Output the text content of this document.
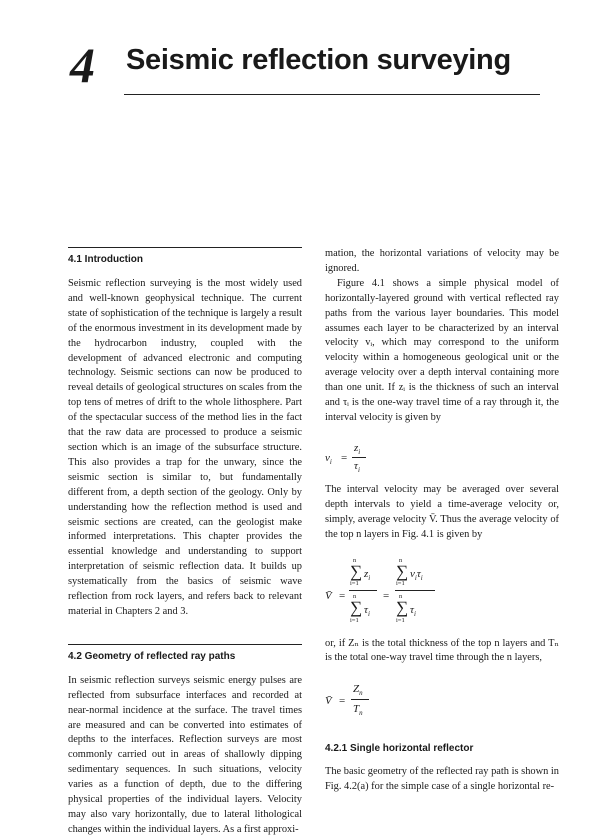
4 Seismic reflection surveying
4.1 Introduction

Seismic reflection surveying is the most widely used and well-known geophysical technique. The current state of sophistication of the technique is largely a result of the enormous investment in its development made by the hydrocarbon industry, coupled with the development of advanced electronic and computing technology. Seismic sections can now be produced to reveal details of geological structures on scales from the top tens of metres of drift to the whole lithosphere. Part of the spectacular success of the method lies in the fact that the raw data are processed to produce a seismic section which is an image of the subsurface structure. This also provides a trap for the unwary, since the seismic section is similar to, but fundamentally different from, a depth section of the geology. Only by understanding how the reflection method is used and seismic sections are created, can the geologist make informed interpretations. This chapter provides the essential knowledge and understanding to support interpretation of seismic reflection data. It builds up systematically from the basics of seismic wave reflection from rock layers, and refers back to relevant material in Chapters 2 and 3.

4.2 Geometry of reflected ray paths

In seismic reflection surveys seismic energy pulses are reflected from subsurface interfaces and recorded at near-normal incidence at the surface. The travel times are measured and can be converted into estimates of depths to the interfaces. Reflection surveys are most commonly carried out in areas of shallowly dipping sedimentary sequences. In such situations, velocity varies as a function of depth, due to the differing physical properties of the individual layers. Velocity may also vary horizontally, due to lateral lithological changes within the individual layers. As a first approxi-

mation, the horizontal variations of velocity may be ignored.

Figure 4.1 shows a simple physical model of horizontally-layered ground with vertical reflected ray paths from the various layer boundaries. This model assumes each layer to be characterized by an interval velocity vᵢ, which may correspond to the uniform velocity within a homogeneous geological unit or the average velocity over a depth interval containing more than one unit. If zᵢ is the thickness of such an interval and τᵢ is the one-way travel time of a ray through it, the interval velocity is given by

$v_i$ =
$z_i$
$\tau_i$

The interval velocity may be averaged over several depth intervals to yield a time-average velocity or, simply, average velocity V̄. Thus the average velocity of the top n layers in Fig. 4.1 is given by

V̄ =
n
∑ $z_i$
i=1
n
∑ $\tau_i$
i=1
=
n
∑ $v_i\tau_i$
i=1
n
∑ $\tau_i$
i=1

or, if Zₙ is the total thickness of the top n layers and Tₙ is the total one-way travel time through the n layers,

V̄ =
$Z_n$
$T_n$
4.2.1 Single horizontal reflector

The basic geometry of the reflected ray path is shown in Fig. 4.2(a) for the simple case of a single horizontal re-
